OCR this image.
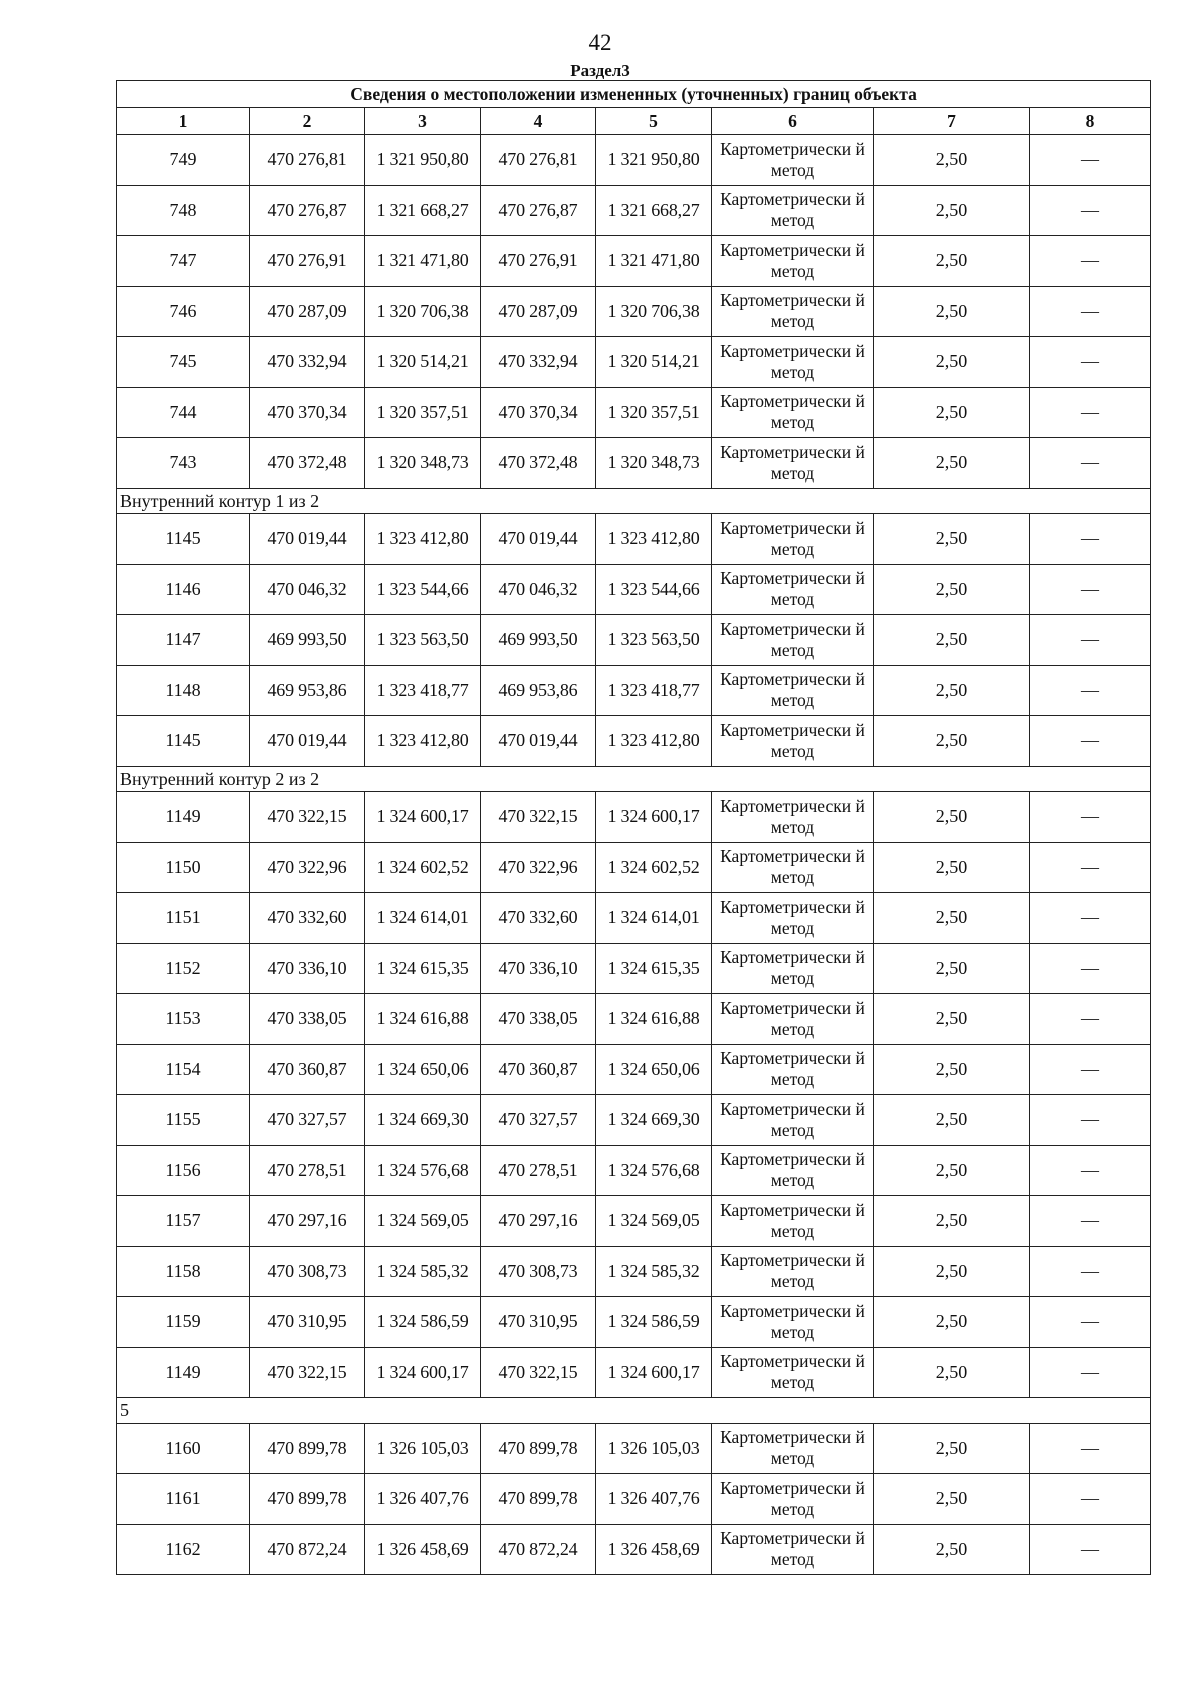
42
Раздел3
Сведения о местоположении измененных (уточненных) границ объекта							
1	2	3	4	5	6	7	8
749	470 276,81	1 321 950,80	470 276,81	1 321 950,80	Картометрически й метод	2,50	—
748	470 276,87	1 321 668,27	470 276,87	1 321 668,27	Картометрически й метод	2,50	—
747	470 276,91	1 321 471,80	470 276,91	1 321 471,80	Картометрически й метод	2,50	—
746	470 287,09	1 320 706,38	470 287,09	1 320 706,38	Картометрически й метод	2,50	—
745	470 332,94	1 320 514,21	470 332,94	1 320 514,21	Картометрически й метод	2,50	—
744	470 370,34	1 320 357,51	470 370,34	1 320 357,51	Картометрически й метод	2,50	—
743	470 372,48	1 320 348,73	470 372,48	1 320 348,73	Картометрически й метод	2,50	—
Внутренний контур 1 из 2							
1145	470 019,44	1 323 412,80	470 019,44	1 323 412,80	Картометрически й метод	2,50	—
1146	470 046,32	1 323 544,66	470 046,32	1 323 544,66	Картометрически й метод	2,50	—
1147	469 993,50	1 323 563,50	469 993,50	1 323 563,50	Картометрически й метод	2,50	—
1148	469 953,86	1 323 418,77	469 953,86	1 323 418,77	Картометрически й метод	2,50	—
1145	470 019,44	1 323 412,80	470 019,44	1 323 412,80	Картометрически й метод	2,50	—
Внутренний контур 2 из 2							
1149	470 322,15	1 324 600,17	470 322,15	1 324 600,17	Картометрически й метод	2,50	—
1150	470 322,96	1 324 602,52	470 322,96	1 324 602,52	Картометрически й метод	2,50	—
1151	470 332,60	1 324 614,01	470 332,60	1 324 614,01	Картометрически й метод	2,50	—
1152	470 336,10	1 324 615,35	470 336,10	1 324 615,35	Картометрически й метод	2,50	—
1153	470 338,05	1 324 616,88	470 338,05	1 324 616,88	Картометрически й метод	2,50	—
1154	470 360,87	1 324 650,06	470 360,87	1 324 650,06	Картометрически й метод	2,50	—
1155	470 327,57	1 324 669,30	470 327,57	1 324 669,30	Картометрически й метод	2,50	—
1156	470 278,51	1 324 576,68	470 278,51	1 324 576,68	Картометрически й метод	2,50	—
1157	470 297,16	1 324 569,05	470 297,16	1 324 569,05	Картометрически й метод	2,50	—
1158	470 308,73	1 324 585,32	470 308,73	1 324 585,32	Картометрически й метод	2,50	—
1159	470 310,95	1 324 586,59	470 310,95	1 324 586,59	Картометрически й метод	2,50	—
1149	470 322,15	1 324 600,17	470 322,15	1 324 600,17	Картометрически й метод	2,50	—
5							
1160	470 899,78	1 326 105,03	470 899,78	1 326 105,03	Картометрически й метод	2,50	—
1161	470 899,78	1 326 407,76	470 899,78	1 326 407,76	Картометрически й метод	2,50	—
1162	470 872,24	1 326 458,69	470 872,24	1 326 458,69	Картометрически й метод	2,50	—
